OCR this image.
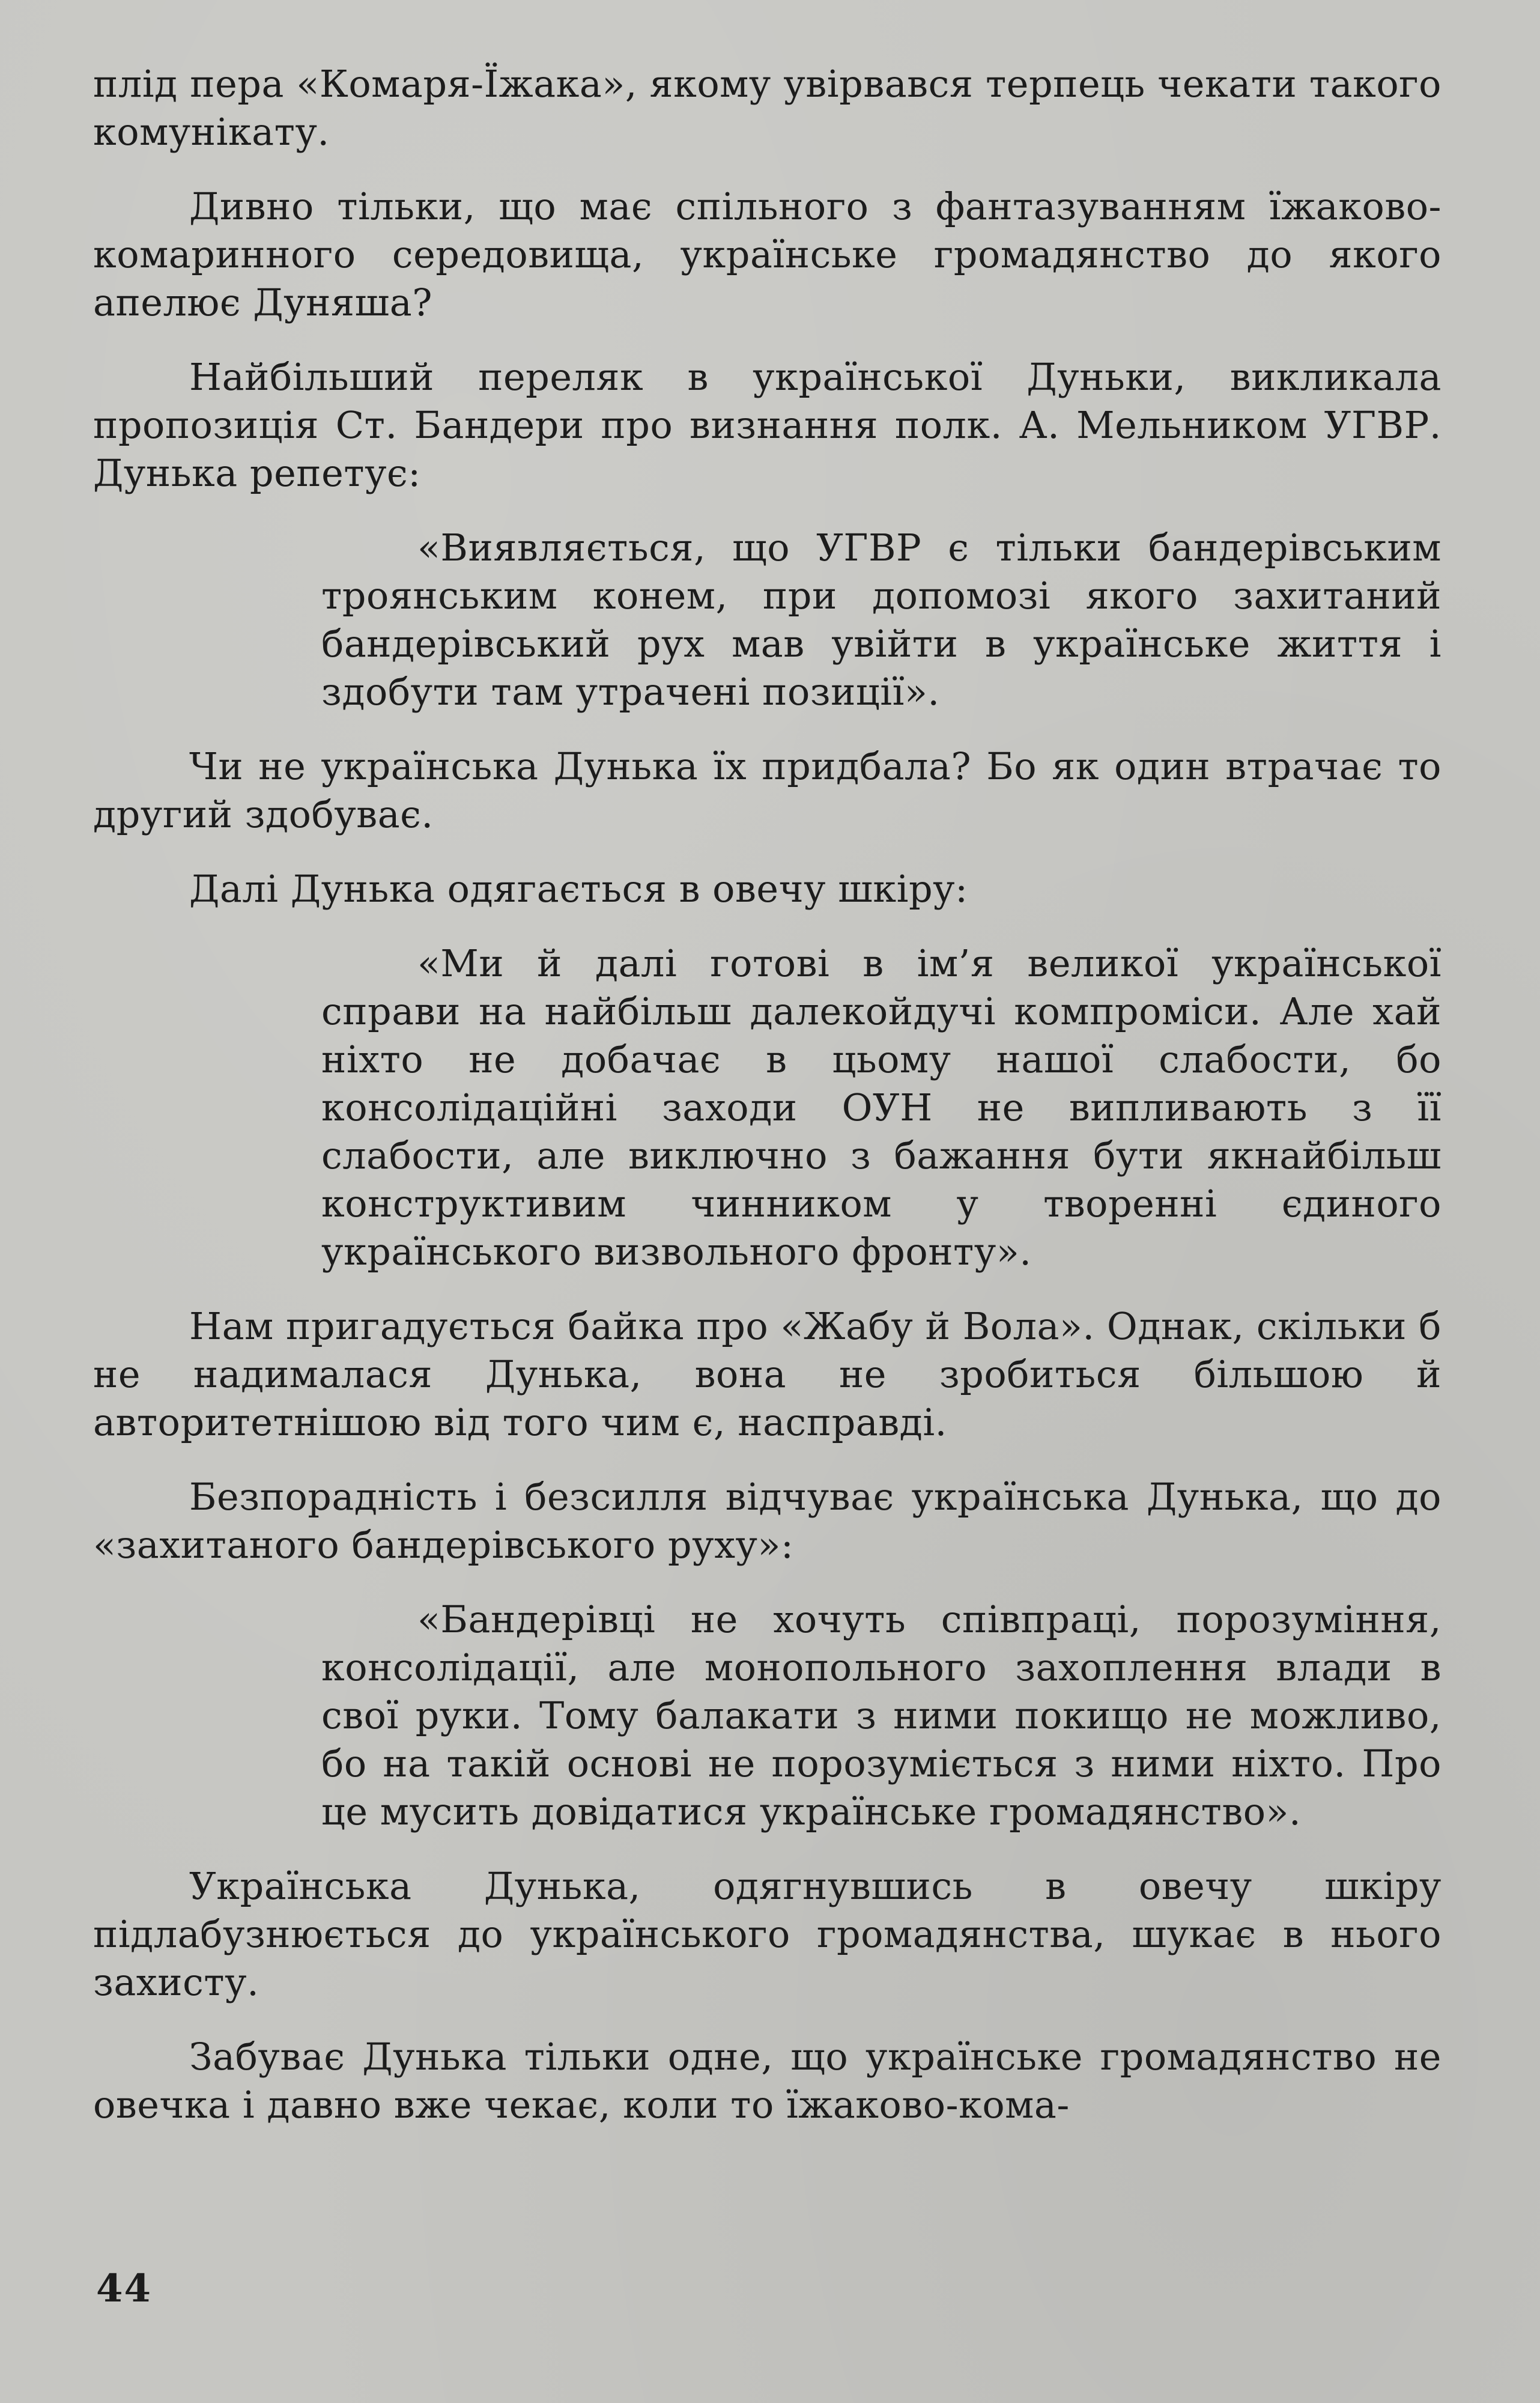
плід пера «Комаря-Їжака», якому увірвався терпець чекати такого комунікату.

Дивно тільки, що має спільного з фантазуванням їжаково-комаринного середовища, українське громадянство до якого апелює Дуняша?

Найбільший переляк в української Дуньки, викликала пропозиція Ст. Бандери про визнання полк. А. Мельником УГВР. Дунька репетує:

«Виявляється, що УГВР є тільки бандерівським троянським конем, при допомозі якого захитаний бандерівський рух мав увійти в українське життя і здобути там утрачені позиції».

Чи не українська Дунька їх придбала? Бо як один втрачає то другий здобуває.

Далі Дунька одягається в овечу шкіру:

«Ми й далі готові в ім’я великої української справи на найбільш далекойдучі компроміси. Але хай ніхто не добачає в цьому нашої слабости, бо консолідаційні заходи ОУН не випливають з її слабости, але виключно з бажання бути якнайбільш конструктивим чинником у творенні єдиного українського визвольного фронту».

Нам пригадується байка про «Жабу й Вола». Однак, скільки б не надималася Дунька, вона не зробиться більшою й авторитетнішою від того чим є, насправді.

Безпорадність і безсилля відчуває українська Дунька, що до «захитаного бандерівського руху»:

«Бандерівці не хочуть співпраці, порозуміння, консолідації, але монопольного захоплення влади в свої руки. Тому балакати з ними покищо не можливо, бо на такій основі не порозуміється з ними ніхто. Про це мусить довідатися українське громадянство».

Українська Дунька, одягнувшись в овечу шкіру підлабузнюється до українського громадянства, шукає в нього захисту.

Забуває Дунька тільки одне, що українське громадянство не овечка і давно вже чекає, коли то їжаково-кома-

44
